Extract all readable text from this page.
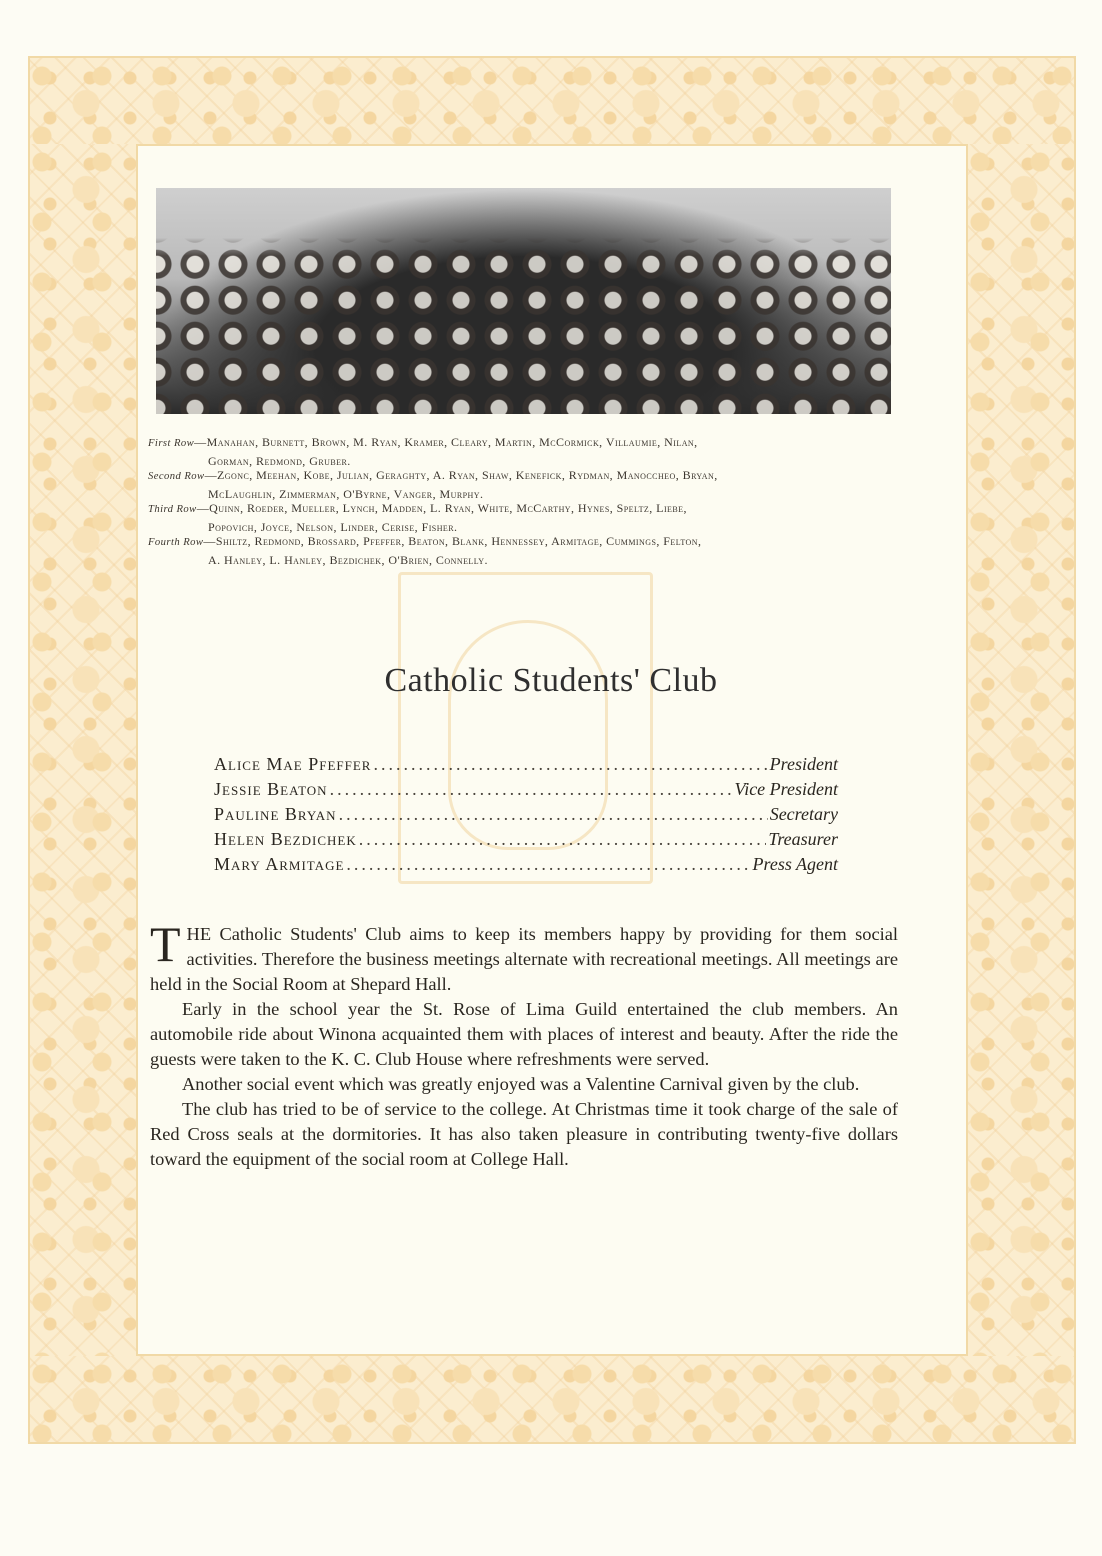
First Row—Manahan, Burnett, Brown, M. Ryan, Kramer, Cleary, Martin, McCormick, Villaumie, Nilan,
Gorman, Redmond, Gruber.
Second Row—Zgonc, Meehan, Kobe, Julian, Geraghty, A. Ryan, Shaw, Kenefick, Rydman, Manoccheo, Bryan,
McLaughlin, Zimmerman, O'Byrne, Vanger, Murphy.
Third Row—Quinn, Roeder, Mueller, Lynch, Madden, L. Ryan, White, McCarthy, Hynes, Speltz, Liebe,
Popovich, Joyce, Nelson, Linder, Cerise, Fisher.
Fourth Row—Shiltz, Redmond, Brossard, Pfeffer, Beaton, Blank, Hennessey, Armitage, Cummings, Felton,
A. Hanley, L. Hanley, Bezdichek, O'Brien, Connelly.
Catholic Students' Club
Alice Mae Pfeffer .....	President
Jessie Beaton .....	Vice President
Pauline Bryan .....	Secretary
Helen Bezdichek .....	Treasurer
Mary Armitage .....	Press Agent

THE Catholic Students' Club aims to keep its members happy by providing for them social activities. Therefore the business meetings alternate with recreational meetings. All meetings are held in the Social Room at Shepard Hall.

Early in the school year the St. Rose of Lima Guild entertained the club members. An automobile ride about Winona acquainted them with places of interest and beauty. After the ride the guests were taken to the K. C. Club House where refreshments were served.

Another social event which was greatly enjoyed was a Valentine Carnival given by the club.

The club has tried to be of service to the college. At Christmas time it took charge of the sale of Red Cross seals at the dormitories. It has also taken pleasure in contributing twenty-five dollars toward the equipment of the social room at College Hall.
